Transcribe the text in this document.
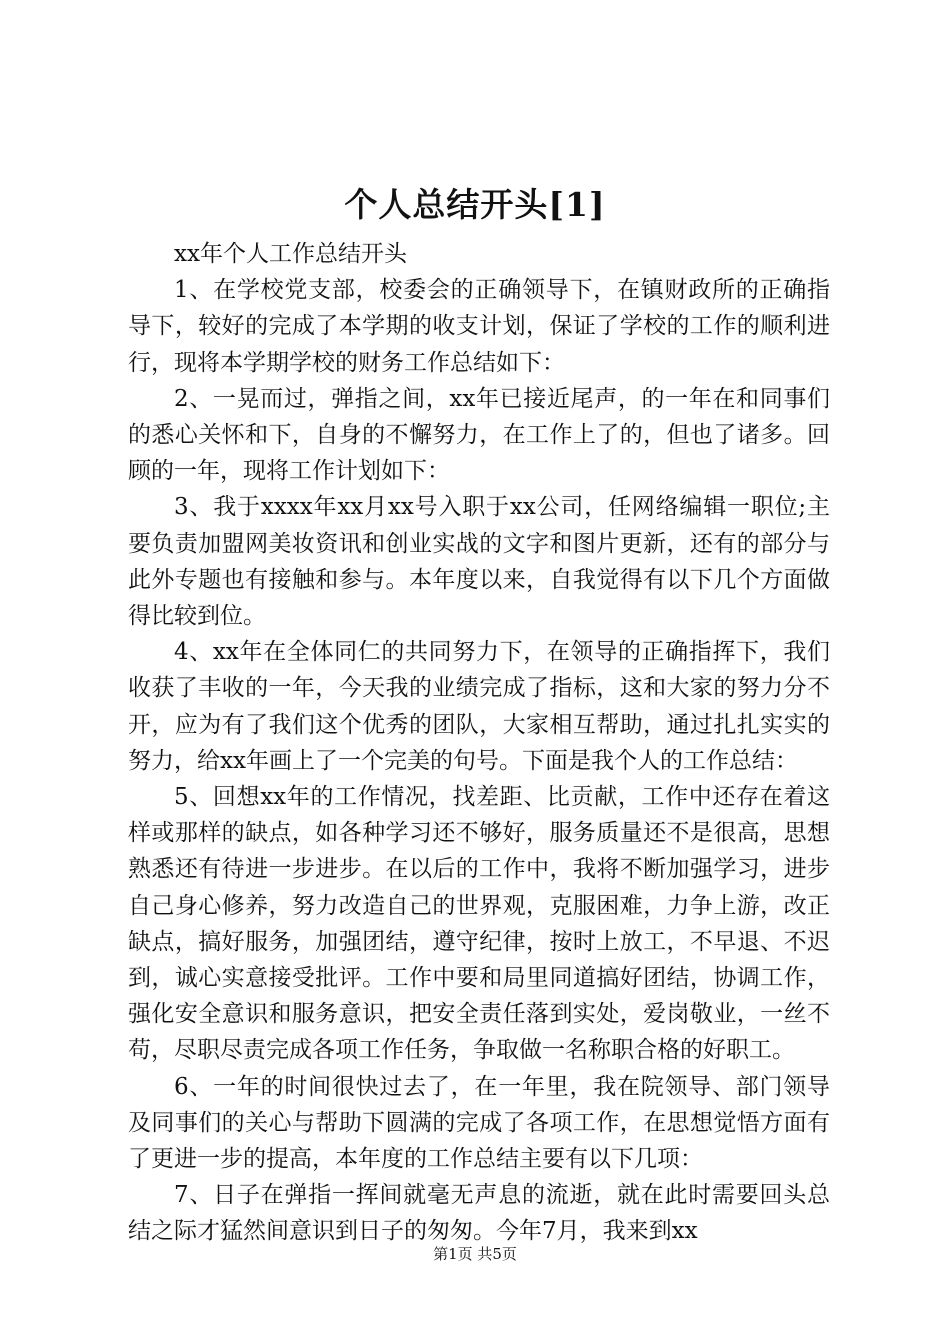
个人总结开头[1]

xx年个人工作总结开头

1、在学校党支部，校委会的正确领导下，在镇财政所的正确指导下，较好的完成了本学期的收支计划，保证了学校的工作的顺利进行，现将本学期学校的财务工作总结如下：

2、一晃而过，弹指之间，xx年已接近尾声，的一年在和同事们的悉心关怀和下，自身的不懈努力，在工作上了的，但也了诸多。回顾的一年，现将工作计划如下：

3、我于xxxx年xx月xx号入职于xx公司，任网络编辑一职位;主要负责加盟网美妆资讯和创业实战的文字和图片更新，还有的部分与此外专题也有接触和参与。本年度以来，自我觉得有以下几个方面做得比较到位。

4、xx年在全体同仁的共同努力下，在领导的正确指挥下，我们收获了丰收的一年，今天我的业绩完成了指标，这和大家的努力分不开，应为有了我们这个优秀的团队，大家相互帮助，通过扎扎实实的努力，给xx年画上了一个完美的句号。下面是我个人的工作总结：

5、回想xx年的工作情况，找差距、比贡献，工作中还存在着这样或那样的缺点，如各种学习还不够好，服务质量还不是很高，思想熟悉还有待进一步进步。在以后的工作中，我将不断加强学习，进步自己身心修养，努力改造自己的世界观，克服困难，力争上游，改正缺点，搞好服务，加强团结，遵守纪律，按时上放工，不早退、不迟到，诚心实意接受批评。工作中要和局里同道搞好团结，协调工作，强化安全意识和服务意识，把安全责任落到实处，爱岗敬业，一丝不苟，尽职尽责完成各项工作任务，争取做一名称职合格的好职工。

6、一年的时间很快过去了，在一年里，我在院领导、部门领导及同事们的关心与帮助下圆满的完成了各项工作，在思想觉悟方面有了更进一步的提高，本年度的工作总结主要有以下几项：

7、日子在弹指一挥间就毫无声息的流逝，就在此时需要回头总结之际才猛然间意识到日子的匆匆。今年7月，我来到xx

第1页 共5页
